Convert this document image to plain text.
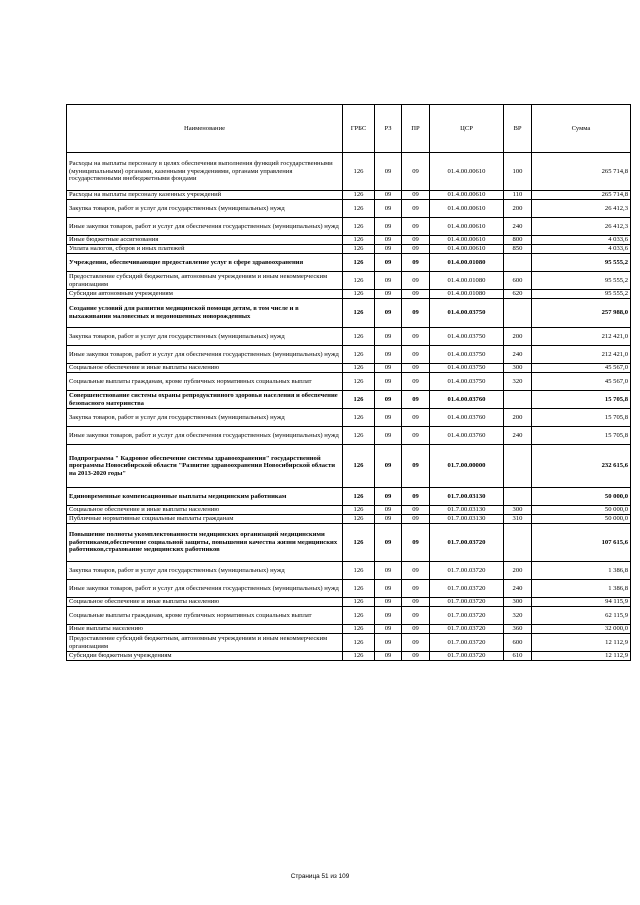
Наименование	ГРБС	РЗ	ПР	ЦСР	ВР	Сумма
Расходы на выплаты персоналу в целях обеспечения выполнения функций государственными (муниципальными) органами, казенными учреждениями, органами управления государственными внебюджетными фондами	126	09	09	01.4.00.00610	100	265 714,8
Расходы на выплаты персоналу казенных учреждений	126	09	09	01.4.00.00610	110	265 714,8
Закупка товаров, работ и услуг для государственных (муниципальных) нужд	126	09	09	01.4.00.00610	200	26 412,3
Иные закупки товаров, работ и услуг для обеспечения государственных (муниципальных) нужд	126	09	09	01.4.00.00610	240	26 412,3
Иные бюджетные ассигнования	126	09	09	01.4.00.00610	800	4 033,6
Уплата налогов, сборов и иных платежей	126	09	09	01.4.00.00610	850	4 033,6
Учреждения, обеспечивающие предоставление услуг в сфере здравоохранения	126	09	09	01.4.00.01080		95 555,2
Предоставление субсидий бюджетным, автономным учреждениям и иным некоммерческим организациям	126	09	09	01.4.00.01080	600	95 555,2
Субсидии автономным учреждениям	126	09	09	01.4.00.01080	620	95 555,2
Создание условий для развития медицинской помощи детям, в том числе и в выхаживании маловесных и недоношенных новорожденных	126	09	09	01.4.00.03750		257 988,0
Закупка товаров, работ и услуг для государственных (муниципальных) нужд	126	09	09	01.4.00.03750	200	212 421,0
Иные закупки товаров, работ и услуг для обеспечения государственных (муниципальных) нужд	126	09	09	01.4.00.03750	240	212 421,0
Социальное обеспечение и иные выплаты населению	126	09	09	01.4.00.03750	300	45 567,0
Социальные выплаты гражданам, кроме публичных нормативных социальных выплат	126	09	09	01.4.00.03750	320	45 567,0
Совершенствование системы охраны репродуктивного здоровья населения и обеспечение безопасного материнства	126	09	09	01.4.00.03760		15 705,8
Закупка товаров, работ и услуг для государственных (муниципальных) нужд	126	09	09	01.4.00.03760	200	15 705,8
Иные закупки товаров, работ и услуг для обеспечения государственных (муниципальных) нужд	126	09	09	01.4.00.03760	240	15 705,8
Подпрограмма " Кадровое обеспечение системы здравоохранения" государственной программы Новосибирской области "Развитие здравоохранения Новосибирской области на 2013-2020 годы"	126	09	09	01.7.00.00000		232 615,6
Единовременные компенсационные выплаты медицинским работникам	126	09	09	01.7.00.03130		50 000,0
Социальное обеспечение и иные выплаты населению	126	09	09	01.7.00.03130	300	50 000,0
Публичные нормативные социальные выплаты гражданам	126	09	09	01.7.00.03130	310	50 000,0
Повышение полноты укомплектованности медицинских организаций медицинскими работниками,обеспечение социальной защиты, повышения качества жизни медицинских работников,страхование медицинских работников	126	09	09	01.7.00.03720		107 615,6
Закупка товаров, работ и услуг для государственных (муниципальных) нужд	126	09	09	01.7.00.03720	200	1 386,8
Иные закупки товаров, работ и услуг для обеспечения государственных (муниципальных) нужд	126	09	09	01.7.00.03720	240	1 386,8
Социальное обеспечение и иные выплаты населению	126	09	09	01.7.00.03720	300	94 115,9
Социальные выплаты гражданам, кроме публичных нормативных социальных выплат	126	09	09	01.7.00.03720	320	62 115,9
Иные выплаты населению	126	09	09	01.7.00.03720	360	32 000,0
Предоставление субсидий бюджетным, автономным учреждениям и иным некоммерческим организациям	126	09	09	01.7.00.03720	600	12 112,9
Субсидии бюджетным учреждениям	126	09	09	01.7.00.03720	610	12 112,9
Страница 51 из 109
